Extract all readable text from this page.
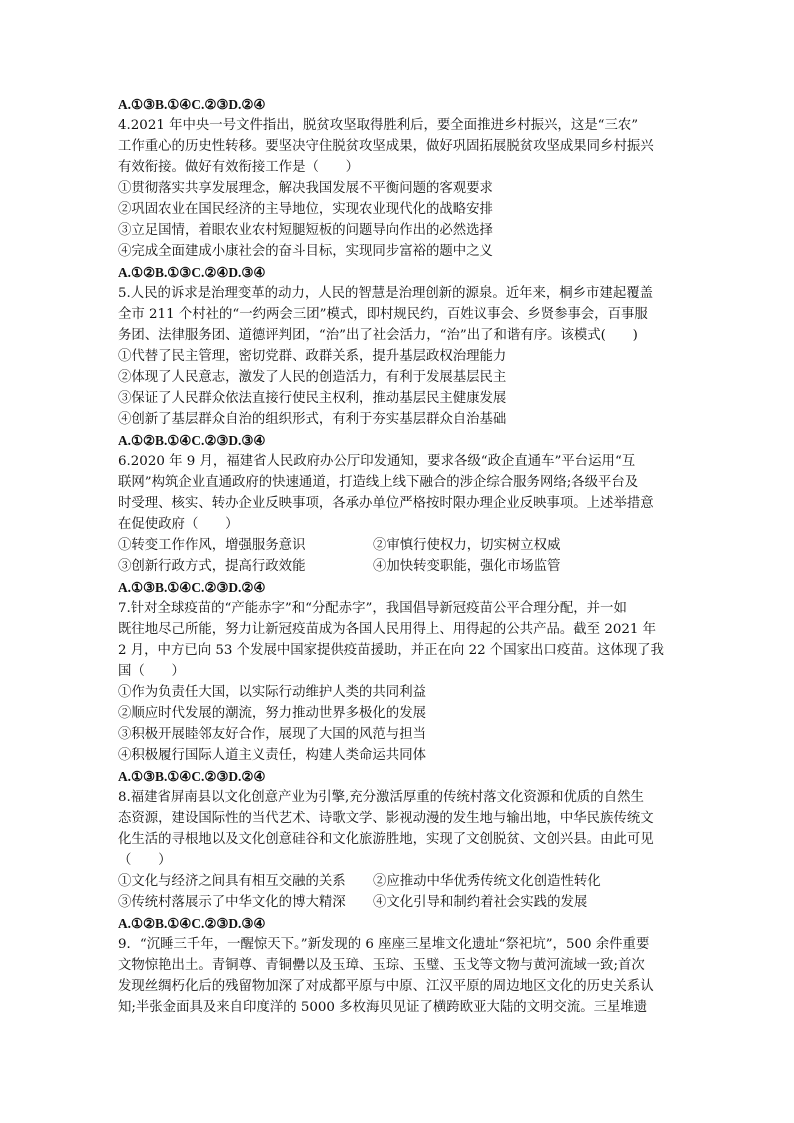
A.①③B.①④C.②③D.②④
4.2021 年中央一号文件指出，脱贫攻坚取得胜利后，要全面推进乡村振兴，这是“三农”
工作重心的历史性转移。要坚决守住脱贫攻坚成果，做好巩固拓展脱贫攻坚成果同乡村振兴
有效衔接。做好有效衔接工作是（　　）
①贯彻落实共享发展理念，解决我国发展不平衡问题的客观要求
②巩固农业在国民经济的主导地位，实现农业现代化的战略安排
③立足国情，着眼农业农村短腿短板的问题导向作出的必然选择
④完成全面建成小康社会的奋斗目标，实现同步富裕的题中之义
A.①②B.①③C.②④D.③④
5.人民的诉求是治理变革的动力，人民的智慧是治理创新的源泉。近年来，桐乡市建起覆盖
全市 211 个村社的“一约两会三团”模式，即村规民约，百姓议事会、乡贤参事会，百事服
务团、法律服务团、道德评判团，“治”出了社会活力，“治”出了和谐有序。该模式(　　)
①代替了民主管理，密切党群、政群关系，提升基层政权治理能力
②体现了人民意志，激发了人民的创造活力，有利于发展基层民主
③保证了人民群众依法直接行使民主权利，推动基层民主健康发展
④创新了基层群众自治的组织形式，有利于夯实基层群众自治基础
A.①②B.①④C.②③D.③④
6.2020 年 9 月，福建省人民政府办公厅印发通知，要求各级“政企直通车”平台运用“互
联网”构筑企业直通政府的快速通道，打造线上线下融合的涉企综合服务网络;各级平台及
时受理、核实、转办企业反映事项，各承办单位严格按时限办理企业反映事项。上述举措意
在促使政府（　　）
①转变工作作风，增强服务意识	②审慎行使权力，切实树立权威
③创新行政方式，提高行政效能	④加快转变职能，强化市场监管
A.①③B.①④C.②③D.②④
7.针对全球疫苗的“产能赤字”和“分配赤字”，我国倡导新冠疫苗公平合理分配，并一如
既往地尽己所能，努力让新冠疫苗成为各国人民用得上、用得起的公共产品。截至 2021 年
2 月，中方已向 53 个发展中国家提供疫苗援助，并正在向 22 个国家出口疫苗。这体现了我
国（　　）
①作为负责任大国，以实际行动维护人类的共同利益
②顺应时代发展的潮流，努力推动世界多极化的发展
③积极开展睦邻友好合作，展现了大国的风范与担当
④积极履行国际人道主义责任，构建人类命运共同体
A.①③B.①④C.②③D.②④
8.福建省屏南县以文化创意产业为引擎,充分激活厚重的传统村落文化资源和优质的自然生
态资源，建设国际性的当代艺术、诗歌文学、影视动漫的发生地与输出地，中华民族传统文
化生活的寻根地以及文化创意硅谷和文化旅游胜地，实现了文创脱贫、文创兴县。由此可见
（　　）
①文化与经济之间具有相互交融的关系	②应推动中华优秀传统文化创造性转化
③传统村落展示了中华文化的博大精深	④文化引导和制约着社会实践的发展
A.①②B.①④C.②③D.③④
9．“沉睡三千年，一醒惊天下。”新发现的 6 座座三星堆文化遗址“祭祀坑”，500 余件重要
文物惊艳出土。青铜尊、青铜罍以及玉璋、玉琮、玉璧、玉戈等文物与黄河流域一致;首次
发现丝绸朽化后的残留物加深了对成都平原与中原、江汉平原的周边地区文化的历史关系认
知;半张金面具及来自印度洋的 5000 多枚海贝见证了横跨欧亚大陆的文明交流。三星堆遗
